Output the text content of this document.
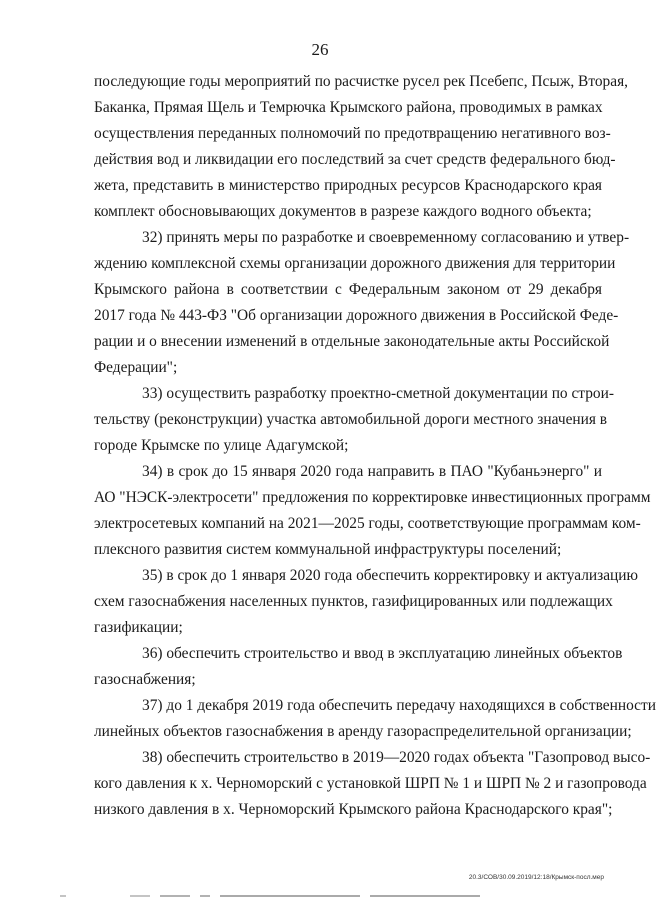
26

последующие годы мероприятий по расчистке русел рек Псебепс, Псыж, Вторая,
Баканка, Прямая Щель и Темрючка Крымского района, проводимых в рамках
осуществления переданных полномочий по предотвращению негативного воз-
действия вод и ликвидации его последствий за счет средств федерального бюд-
жета, представить в министерство природных ресурсов Краснодарского края
комплект обосновывающих документов в разрезе каждого водного объекта;

32) принять меры по разработке и своевременному согласованию и утвер-
ждению комплексной схемы организации дорожного движения для территории
Крымского района в соответствии с Федеральным законом от 29 декабря
2017 года № 443-ФЗ "Об организации дорожного движения в Российской Феде-
рации и о внесении изменений в отдельные законодательные акты Российской
Федерации";

33) осуществить разработку проектно-сметной документации по строи-
тельству (реконструкции) участка автомобильной дороги местного значения в
городе Крымске по улице Адагумской;

34) в срок до 15 января 2020 года направить в ПАО "Кубаньэнерго" и
АО "НЭСК-электросети" предложения по корректировке инвестиционных программ
электросетевых компаний на 2021—2025 годы, соответствующие программам ком-
плексного развития систем коммунальной инфраструктуры поселений;

35) в срок до 1 января 2020 года обеспечить корректировку и актуализацию
схем газоснабжения населенных пунктов, газифицированных или подлежащих
газификации;

36) обеспечить строительство и ввод в эксплуатацию линейных объектов
газоснабжения;

37) до 1 декабря 2019 года обеспечить передачу находящихся в собственности
линейных объектов газоснабжения в аренду газораспределительной организации;

38) обеспечить строительство в 2019—2020 годах объекта "Газопровод высо-
кого давления к х. Черноморский с установкой ШРП № 1 и ШРП № 2 и газопровода
низкого давления в х. Черноморский Крымского района Краснодарского края";

20.3/СОВ/30.09.2019/12:18/Крымск-посл.мер
